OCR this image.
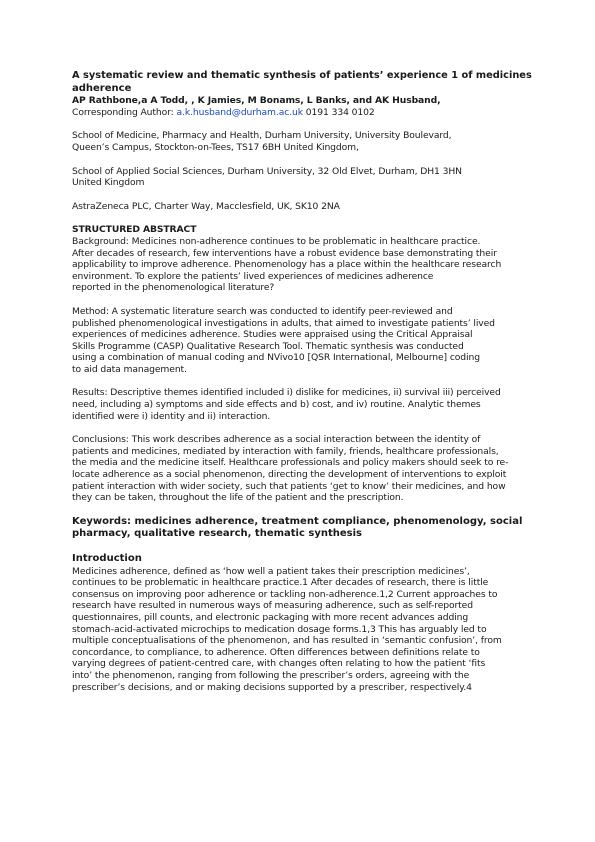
A systematic review and thematic synthesis of patients’ experience 1 of medicines
adherence
AP Rathbone,a A Todd, , K Jamies, M Bonams, L Banks, and AK Husband,
Corresponding Author: a.k.husband@durham.ac.uk 0191 334 0102
School of Medicine, Pharmacy and Health, Durham University, University Boulevard,
Queen’s Campus, Stockton-on-Tees, TS17 6BH United Kingdom,
School of Applied Social Sciences, Durham University, 32 Old Elvet, Durham, DH1 3HN
United Kingdom
AstraZeneca PLC, Charter Way, Macclesfield, UK, SK10 2NA
STRUCTURED ABSTRACT
Background: Medicines non-adherence continues to be problematic in healthcare practice.
After decades of research, few interventions have a robust evidence base demonstrating their
applicability to improve adherence. Phenomenology has a place within the healthcare research
environment. To explore the patients’ lived experiences of medicines adherence
reported in the phenomenological literature?
Method: A systematic literature search was conducted to identify peer-reviewed and
published phenomenological investigations in adults, that aimed to investigate patients’ lived
experiences of medicines adherence. Studies were appraised using the Critical Appraisal
Skills Programme (CASP) Qualitative Research Tool. Thematic synthesis was conducted
using a combination of manual coding and NVivo10 [QSR International, Melbourne] coding
to aid data management.
Results: Descriptive themes identified included i) dislike for medicines, ii) survival iii) perceived
need, including a) symptoms and side effects and b) cost, and iv) routine. Analytic themes
identified were i) identity and ii) interaction.
Conclusions: This work describes adherence as a social interaction between the identity of
patients and medicines, mediated by interaction with family, friends, healthcare professionals,
the media and the medicine itself. Healthcare professionals and policy makers should seek to re-
locate adherence as a social phenomenon, directing the development of interventions to exploit
patient interaction with wider society, such that patients ‘get to know’ their medicines, and how
they can be taken, throughout the life of the patient and the prescription.
Keywords: medicines adherence, treatment compliance, phenomenology, social
pharmacy, qualitative research, thematic synthesis
Introduction
Medicines adherence, defined as ‘how well a patient takes their prescription medicines’,
continues to be problematic in healthcare practice.1 After decades of research, there is little
consensus on improving poor adherence or tackling non-adherence.1,2 Current approaches to
research have resulted in numerous ways of measuring adherence, such as self-reported
questionnaires, pill counts, and electronic packaging with more recent advances adding
stomach-acid-activated microchips to medication dosage forms.1,3 This has arguably led to
multiple conceptualisations of the phenomenon, and has resulted in ‘semantic confusion’, from
concordance, to compliance, to adherence. Often differences between definitions relate to
varying degrees of patient-centred care, with changes often relating to how the patient ‘fits
into’ the phenomenon, ranging from following the prescriber’s orders, agreeing with the
prescriber’s decisions, and or making decisions supported by a prescriber, respectively.4
